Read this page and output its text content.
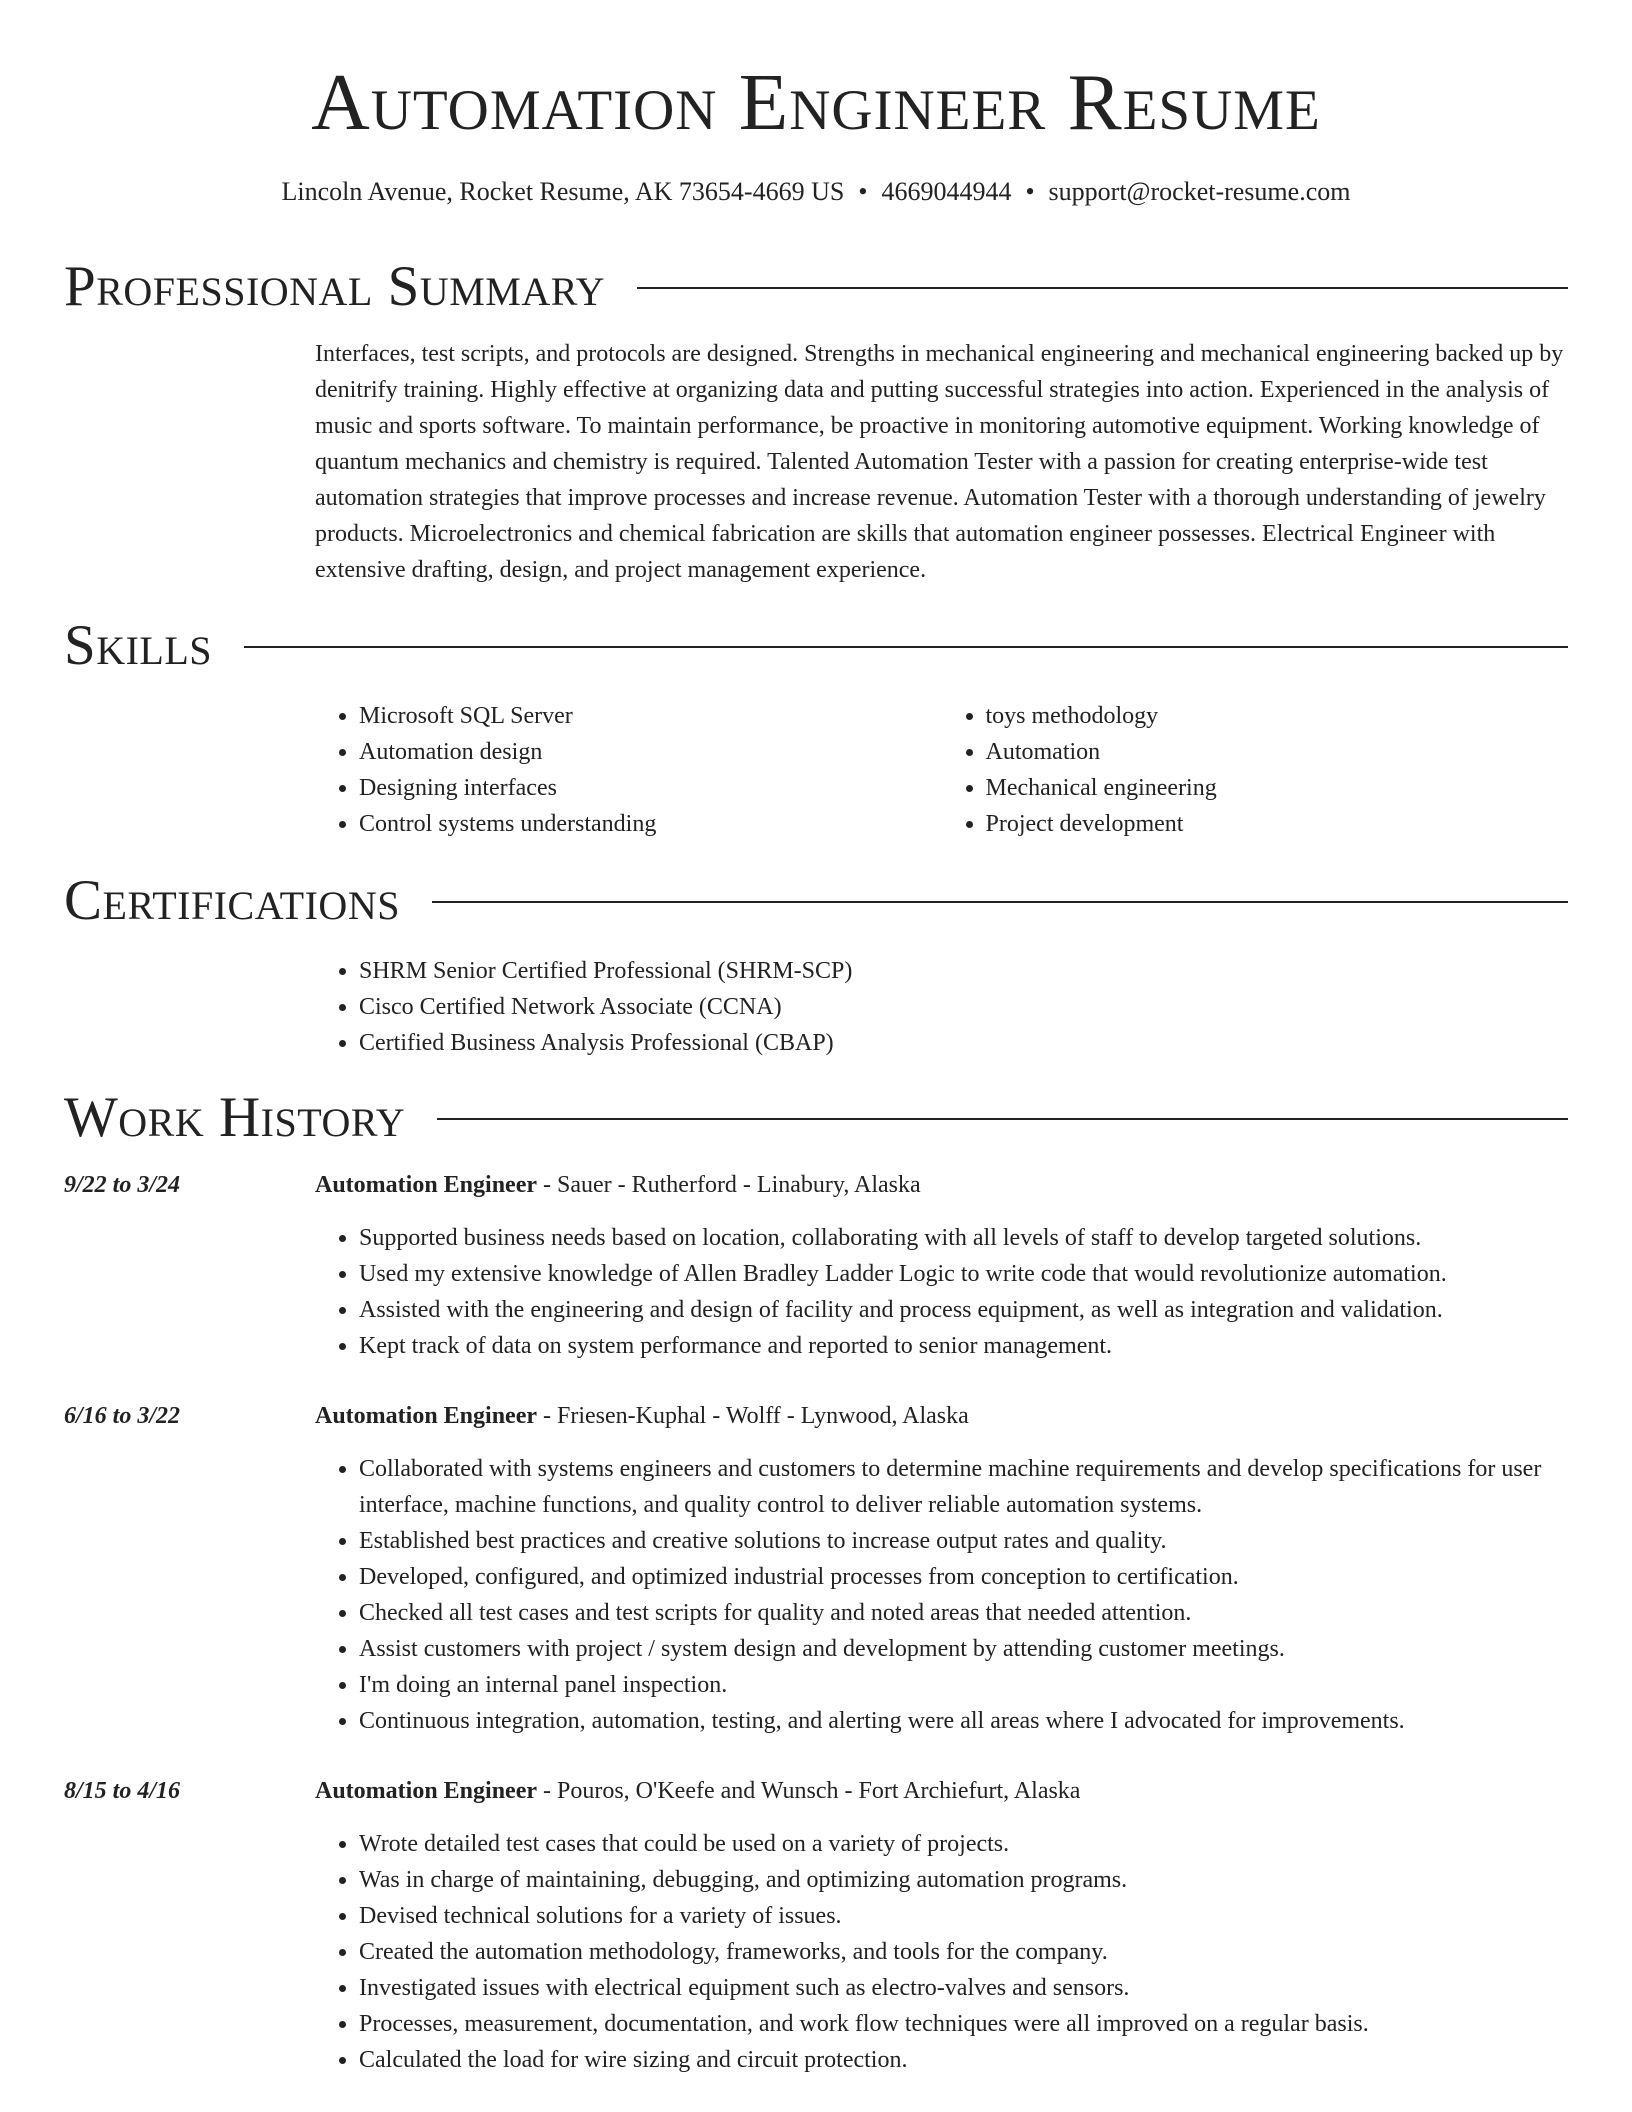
Automation Engineer Resume
Lincoln Avenue, Rocket Resume, AK 73654-4669 US • 4669044944 • support@rocket-resume.com
Professional Summary

Interfaces, test scripts, and protocols are designed. Strengths in mechanical engineering and mechanical engineering backed up by denitrify training. Highly effective at organizing data and putting successful strategies into action. Experienced in the analysis of music and sports software. To maintain performance, be proactive in monitoring automotive equipment. Working knowledge of quantum mechanics and chemistry is required. Talented Automation Tester with a passion for creating enterprise-wide test automation strategies that improve processes and increase revenue. Automation Tester with a thorough understanding of jewelry products. Microelectronics and chemical fabrication are skills that automation engineer possesses. Electrical Engineer with extensive drafting, design, and project management experience.

Skills
• Microsoft SQL Server
• Automation design
• Designing interfaces
• Control systems understanding
• toys methodology
• Automation
• Mechanical engineering
• Project development
Certifications
• SHRM Senior Certified Professional (SHRM-SCP)
• Cisco Certified Network Associate (CCNA)
• Certified Business Analysis Professional (CBAP)
Work History
9/22 to 3/24	Automation Engineer - Sauer - Rutherford - Linabury, Alaska
• Supported business needs based on location, collaborating with all levels of staff to develop targeted solutions.
• Used my extensive knowledge of Allen Bradley Ladder Logic to write code that would revolutionize automation.
• Assisted with the engineering and design of facility and process equipment, as well as integration and validation.
• Kept track of data on system performance and reported to senior management.
6/16 to 3/22	Automation Engineer - Friesen-Kuphal - Wolff - Lynwood, Alaska
• Collaborated with systems engineers and customers to determine machine requirements and develop specifications for user interface, machine functions, and quality control to deliver reliable automation systems.
• Established best practices and creative solutions to increase output rates and quality.
• Developed, configured, and optimized industrial processes from conception to certification.
• Checked all test cases and test scripts for quality and noted areas that needed attention.
• Assist customers with project / system design and development by attending customer meetings.
• I'm doing an internal panel inspection.
• Continuous integration, automation, testing, and alerting were all areas where I advocated for improvements.
8/15 to 4/16	Automation Engineer - Pouros, O'Keefe and Wunsch - Fort Archiefurt, Alaska
• Wrote detailed test cases that could be used on a variety of projects.
• Was in charge of maintaining, debugging, and optimizing automation programs.
• Devised technical solutions for a variety of issues.
• Created the automation methodology, frameworks, and tools for the company.
• Investigated issues with electrical equipment such as electro-valves and sensors.
• Processes, measurement, documentation, and work flow techniques were all improved on a regular basis.
• Calculated the load for wire sizing and circuit protection.
